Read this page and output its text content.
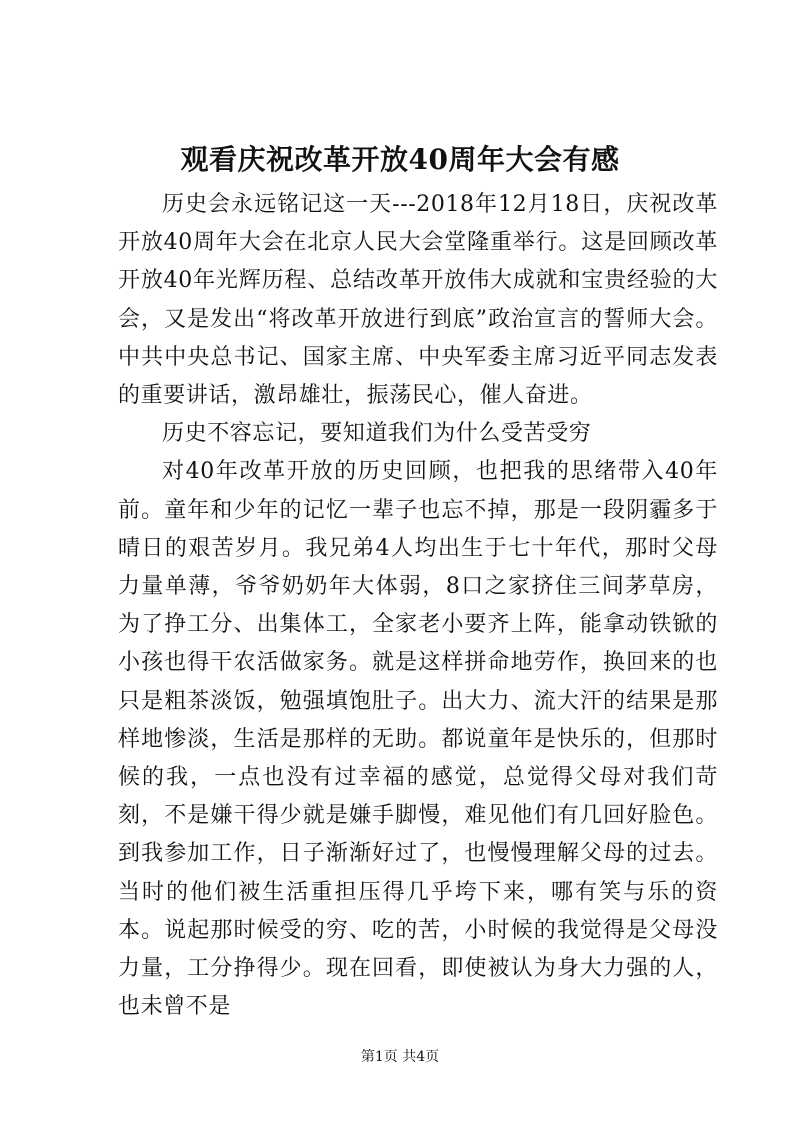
观看庆祝改革开放40周年大会有感

历史会永远铭记这一天---2018年12月18日，庆祝改革开放40周年大会在北京人民大会堂隆重举行。这是回顾改革开放40年光辉历程、总结改革开放伟大成就和宝贵经验的大会，又是发出“将改革开放进行到底”政治宣言的誓师大会。中共中央总书记、国家主席、中央军委主席习近平同志发表的重要讲话，激昂雄壮，振荡民心，催人奋进。

历史不容忘记，要知道我们为什么受苦受穷

对40年改革开放的历史回顾，也把我的思绪带入40年前。童年和少年的记忆一辈子也忘不掉，那是一段阴霾多于晴日的艰苦岁月。我兄弟4人均出生于七十年代，那时父母力量单薄，爷爷奶奶年大体弱，8口之家挤住三间茅草房，为了挣工分、出集体工，全家老小要齐上阵，能拿动铁锨的小孩也得干农活做家务。就是这样拼命地劳作，换回来的也只是粗茶淡饭，勉强填饱肚子。出大力、流大汗的结果是那样地惨淡，生活是那样的无助。都说童年是快乐的，但那时候的我，一点也没有过幸福的感觉，总觉得父母对我们苛刻，不是嫌干得少就是嫌手脚慢，难见他们有几回好脸色。到我参加工作，日子渐渐好过了，也慢慢理解父母的过去。当时的他们被生活重担压得几乎垮下来，哪有笑与乐的资本。说起那时候受的穷、吃的苦，小时候的我觉得是父母没力量，工分挣得少。现在回看，即使被认为身大力强的人，也未曾不是

第1页 共4页
